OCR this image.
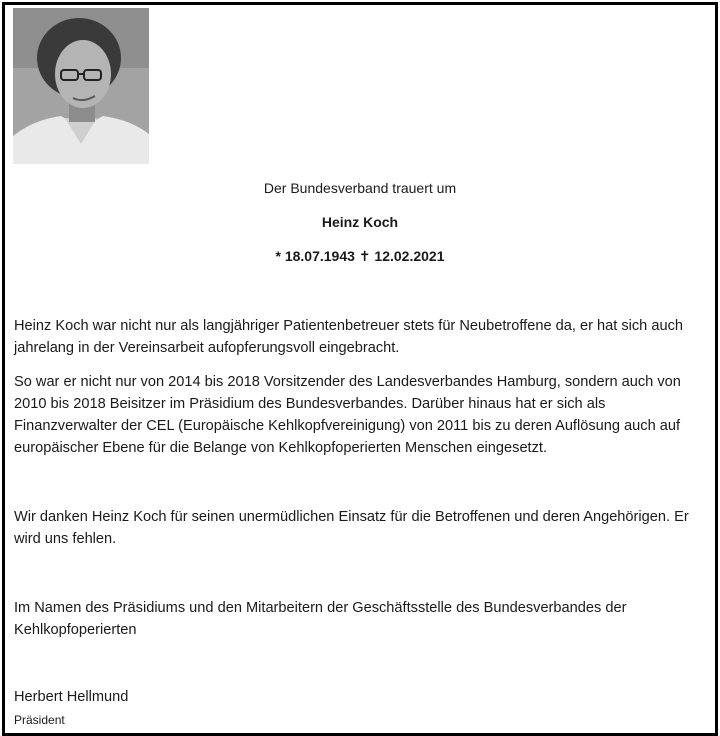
Der Bundesverband trauert um
Heinz Koch
* 18.07.1943 ✝ 12.02.2021

Heinz Koch war nicht nur als langjähriger Patientenbetreuer stets für Neubetroffene da, er hat sich auch jahrelang in der Vereinsarbeit aufopferungsvoll eingebracht.

So war er nicht nur von 2014 bis 2018 Vorsitzender des Landesverbandes Hamburg, sondern auch von 2010 bis 2018 Beisitzer im Präsidium des Bundesverbandes. Darüber hinaus hat er sich als Finanzverwalter der CEL (Europäische Kehlkopfvereinigung) von 2011 bis zu deren Auflösung auch auf europäischer Ebene für die Belange von Kehlkopfoperierten Menschen eingesetzt.

Wir danken Heinz Koch für seinen unermüdlichen Einsatz für die Betroffenen und deren Angehörigen. Er wird uns fehlen.

Im Namen des Präsidiums und den Mitarbeitern der Geschäftsstelle des Bundesverbandes der Kehlkopfoperierten

Herbert Hellmund
Präsident
